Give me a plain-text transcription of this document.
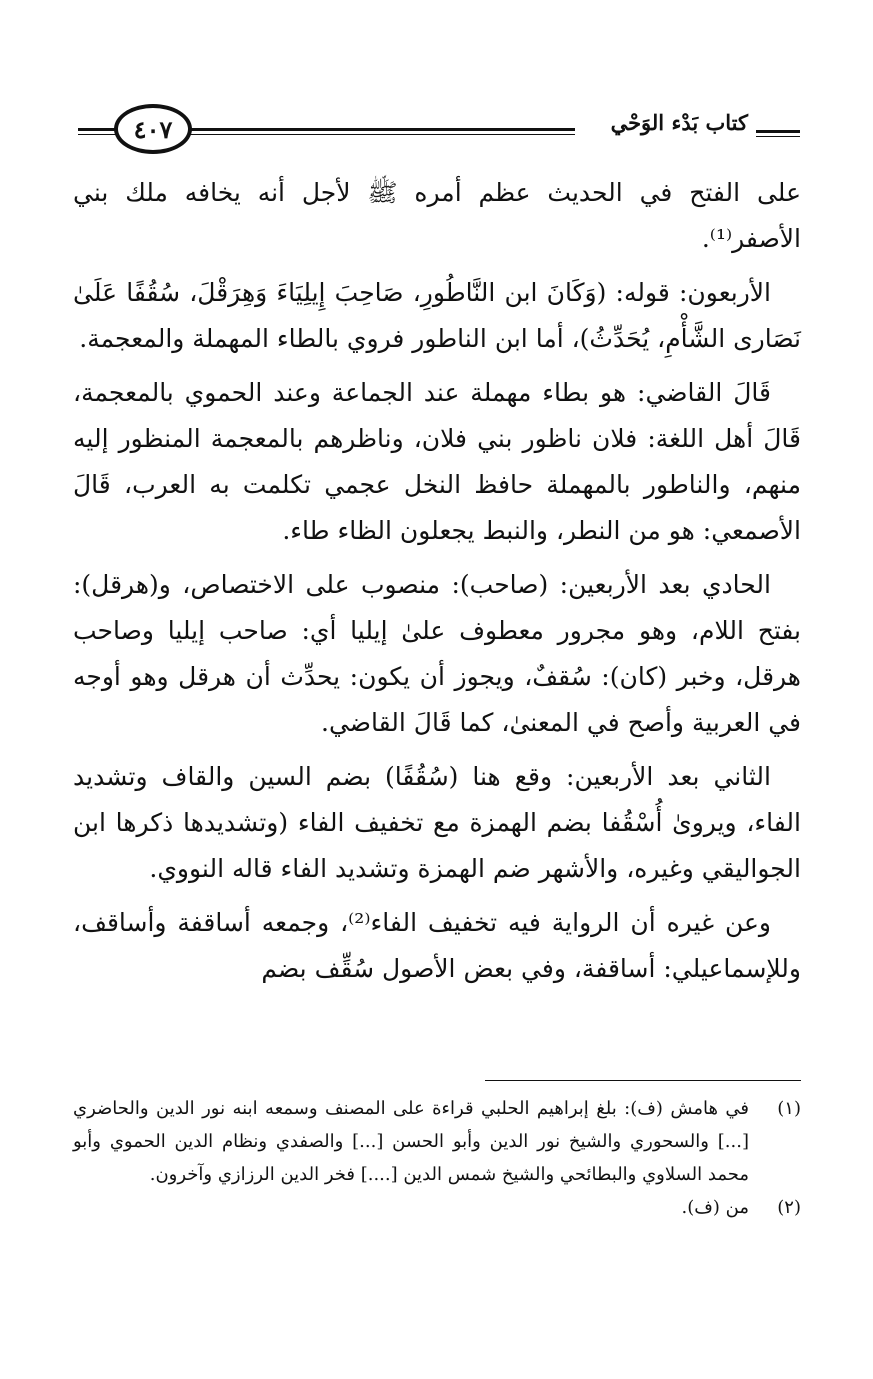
كتاب بَدْء الوَحْي
٤٠٧

على الفتح في الحديث عظم أمره ﷺ لأجل أنه يخافه ملك بني الأصفر⁽¹⁾.

الأربعون: قوله: (وَكَانَ ابن النَّاطُورِ، صَاحِبَ إِيلِيَاءَ وَهِرَقْلَ، سُقُفًا عَلَىٰ نَصَارى الشَّأْمِ، يُحَدِّثُ)، أما ابن الناطور فروي بالطاء المهملة والمعجمة.

قَالَ القاضي: هو بطاء مهملة عند الجماعة وعند الحموي بالمعجمة، قَالَ أهل اللغة: فلان ناظور بني فلان، وناظرهم بالمعجمة المنظور إليه منهم، والناطور بالمهملة حافظ النخل عجمي تكلمت به العرب، قَالَ الأصمعي: هو من النطر، والنبط يجعلون الظاء طاء.

الحادي بعد الأربعين: (صاحب): منصوب على الاختصاص، و(هرقل): بفتح اللام، وهو مجرور معطوف علىٰ إيليا أي: صاحب إيليا وصاحب هرقل، وخبر (كان): سُقفٌ، ويجوز أن يكون: يحدِّث أن هرقل وهو أوجه في العربية وأصح في المعنىٰ، كما قَالَ القاضي.

الثاني بعد الأربعين: وقع هنا (سُقُفًا) بضم السين والقاف وتشديد الفاء، ويروىٰ أُسْقُفا بضم الهمزة مع تخفيف الفاء (وتشديدها ذكرها ابن الجواليقي وغيره، والأشهر ضم الهمزة وتشديد الفاء قاله النووي.

وعن غيره أن الرواية فيه تخفيف الفاء⁽²⁾، وجمعه أساقفة وأساقف، وللإسماعيلي: أساقفة، وفي بعض الأصول سُقِّف بضم

(١)
في هامش (ف): بلغ إبراهيم الحلبي قراءة على المصنف وسمعه ابنه نور الدين والحاضري [...] والسحوري والشيخ نور الدين وأبو الحسن [...] والصفدي ونظام الدين الحموي وأبو محمد السلاوي والبطائحي والشيخ شمس الدين [....] فخر الدين الرزازي وآخرون.
(٢)
من (ف).
